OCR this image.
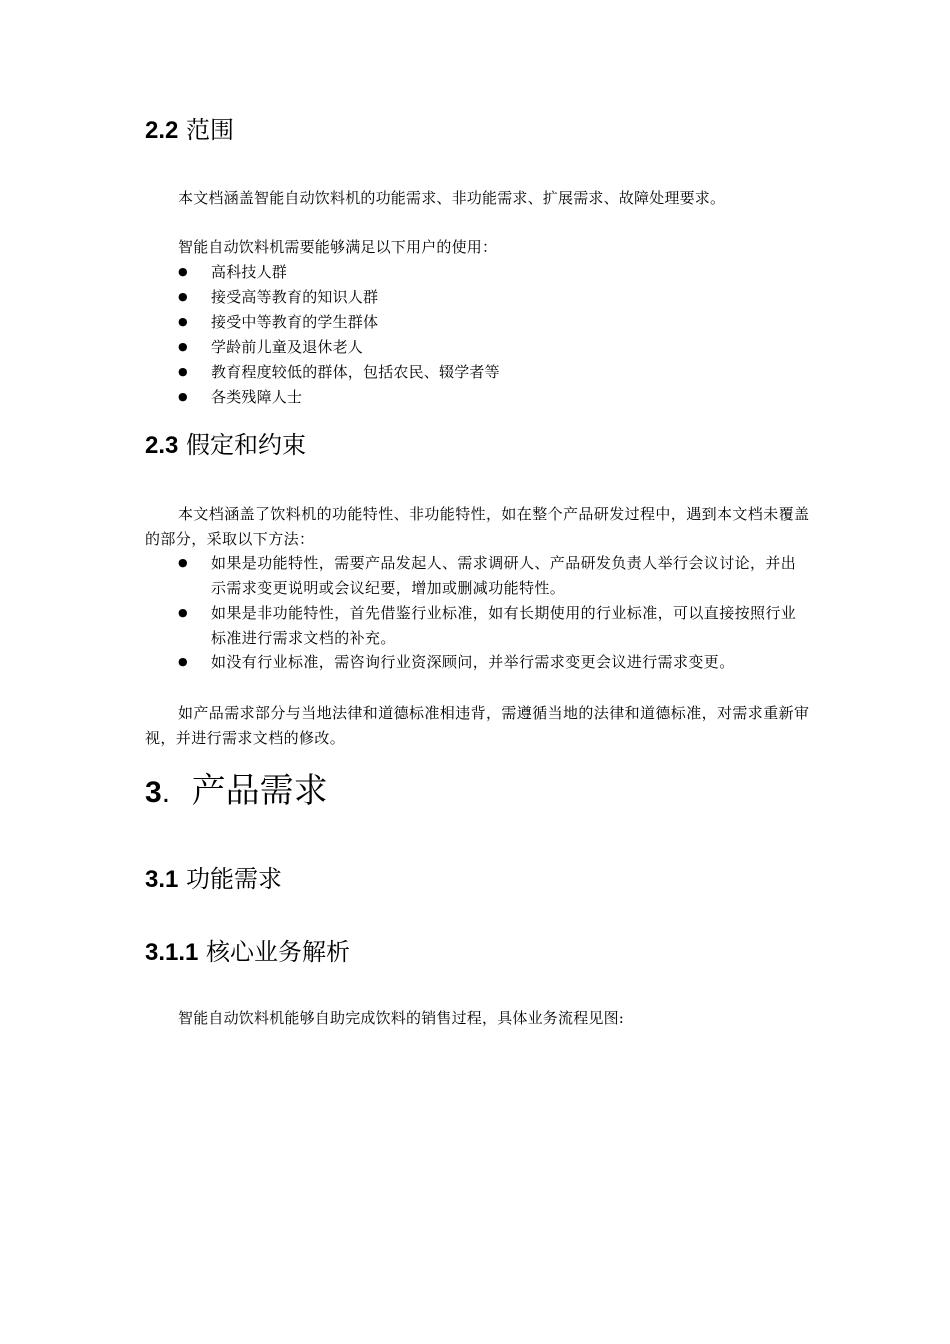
2.2 范围

本文档涵盖智能自动饮料机的功能需求、非功能需求、扩展需求、故障处理要求。

智能自动饮料机需要能够满足以下用户的使用：

● 高科技人群
● 接受高等教育的知识人群
● 接受中等教育的学生群体
● 学龄前儿童及退休老人
● 教育程度较低的群体，包括农民、辍学者等
● 各类残障人士
2.3 假定和约束

本文档涵盖了饮料机的功能特性、非功能特性，如在整个产品研发过程中，遇到本文档未覆盖的部分，采取以下方法：

● 如果是功能特性，需要产品发起人、需求调研人、产品研发负责人举行会议讨论，并出示需求变更说明或会议纪要，增加或删减功能特性。

● 如果是非功能特性，首先借鉴行业标准，如有长期使用的行业标准，可以直接按照行业标准进行需求文档的补充。

● 如没有行业标准，需咨询行业资深顾问，并举行需求变更会议进行需求变更。

如产品需求部分与当地法律和道德标准相违背，需遵循当地的法律和道德标准，对需求重新审视，并进行需求文档的修改。

3. 产品需求
3.1 功能需求
3.1.1 核心业务解析

智能自动饮料机能够自助完成饮料的销售过程，具体业务流程见图:
